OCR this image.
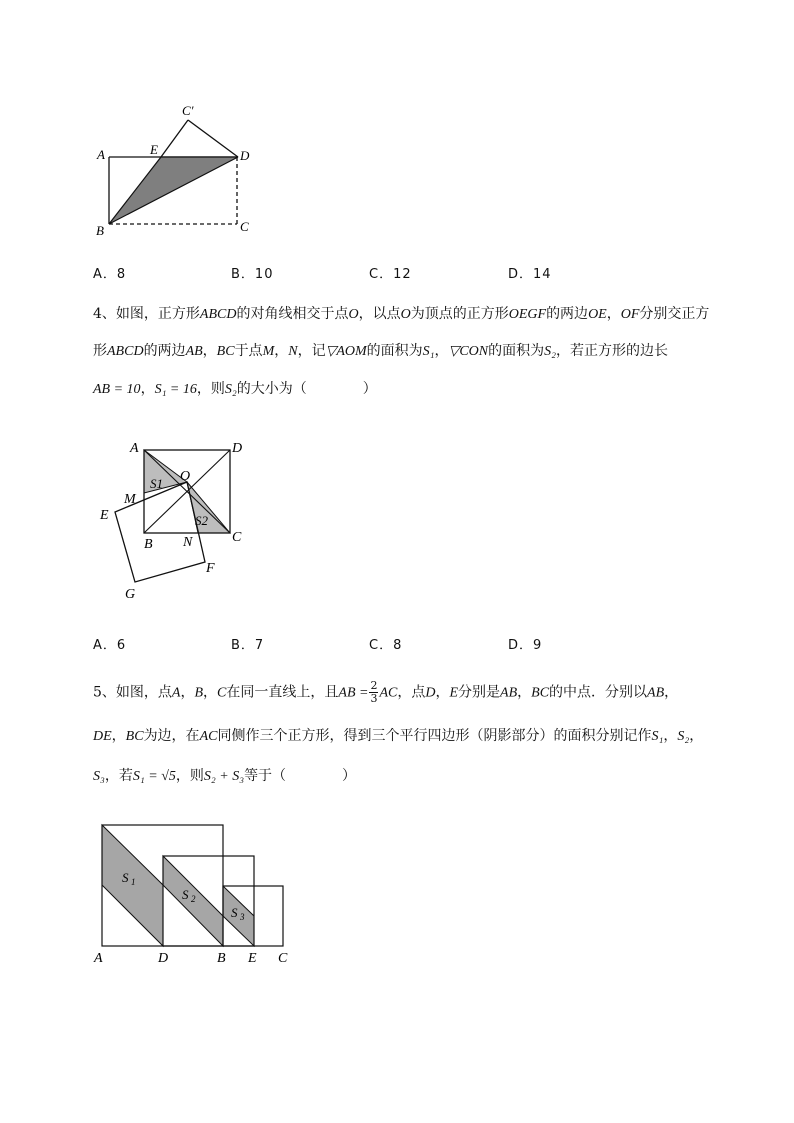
A	E
C′
D
B	C
A．8	B．10	C．12	D．14
4、如图，正方形ABCD的对角线相交于点O，以点O为顶点的正方形OEGF的两边OE，OF分别交正方
形ABCD的两边AB，BC于点M，N，记▽AOM的面积为S₁，▽CON的面积为S₂，若正方形的边长
AB = 10，S₁ = 16，则S₂的大小为（　　　　）
A	D
O
M
S1
S2
E
C
B N
F
G
A．6	B．7	C．8	D．9
5、如图，点A，B，C在同一直线上，且AB = $\frac{2}{3}$ AC，点D，E分别是AB，BC的中点．分别以AB，
DE，BC为边，在AC同侧作三个正方形，得到三个平行四边形（阴影部分）的面积分别记作S₁，S₂，
S₃，若S₁ = √5，则S₂ + S₃等于（　　　　）
S 1
S 2
S 3
A	D	B E C
